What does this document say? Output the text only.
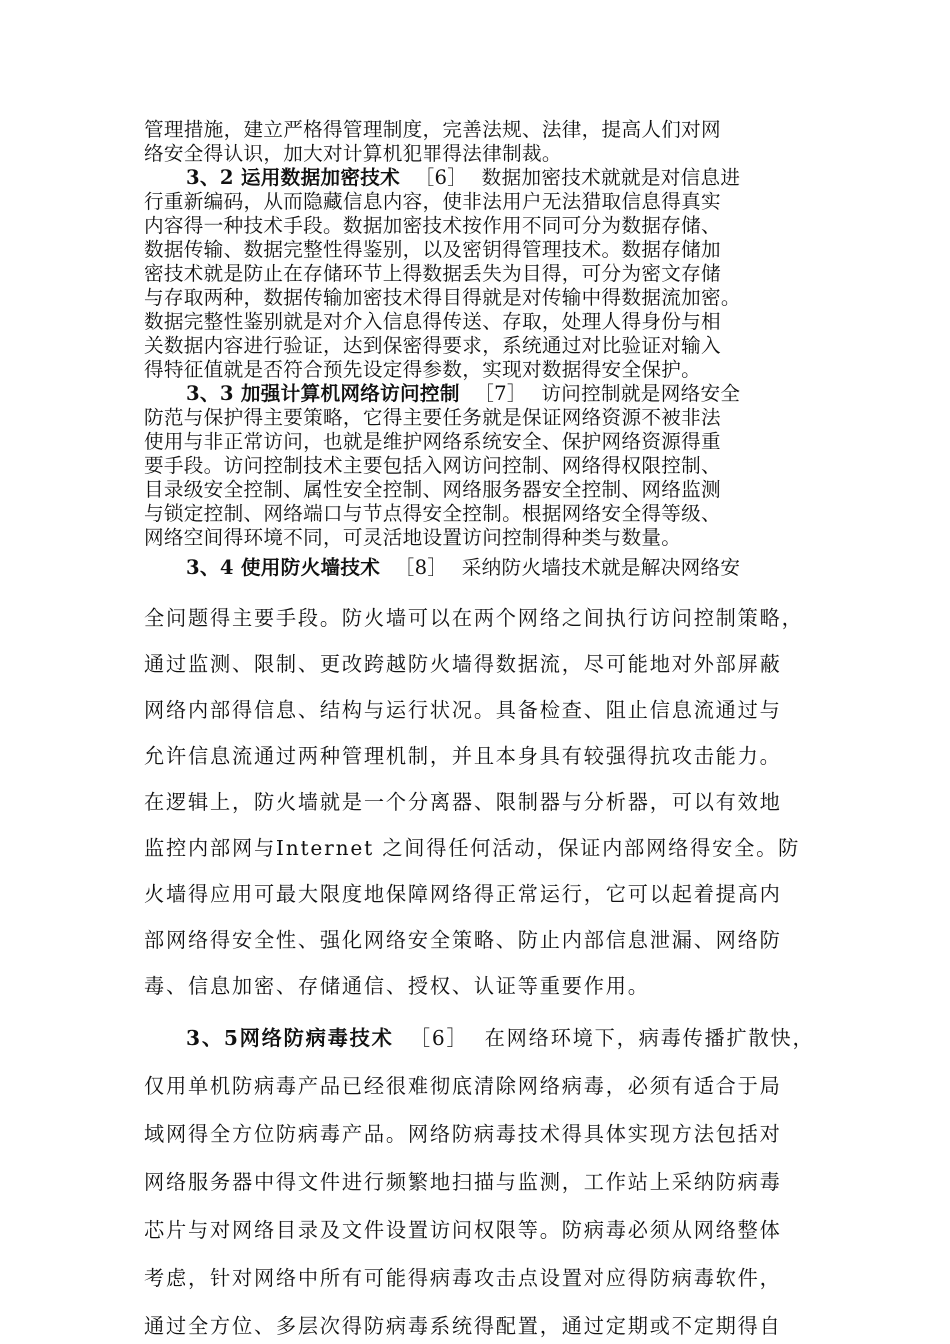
管理措施，建立严格得管理制度，完善法规、法律，提高人们对网
络安全得认识，加大对计算机犯罪得法律制裁。
3、2 运用数据加密技术 ［6］ 数据加密技术就就是对信息进
行重新编码，从而隐藏信息内容，使非法用户无法猎取信息得真实
内容得一种技术手段。数据加密技术按作用不同可分为数据存储、
数据传输、数据完整性得鉴别，以及密钥得管理技术。数据存储加
密技术就是防止在存储环节上得数据丢失为目得，可分为密文存储
与存取两种，数据传输加密技术得目得就是对传输中得数据流加密。
数据完整性鉴别就是对介入信息得传送、存取，处理人得身份与相
关数据内容进行验证，达到保密得要求，系统通过对比验证对输入
得特征值就是否符合预先设定得参数，实现对数据得安全保护。
3、3 加强计算机网络访问控制 ［7］ 访问控制就是网络安全
防范与保护得主要策略，它得主要任务就是保证网络资源不被非法
使用与非正常访问，也就是维护网络系统安全、保护网络资源得重
要手段。访问控制技术主要包括入网访问控制、网络得权限控制、
目录级安全控制、属性安全控制、网络服务器安全控制、网络监测
与锁定控制、网络端口与节点得安全控制。根据网络安全得等级、
网络空间得环境不同，可灵活地设置访问控制得种类与数量。
3、4 使用防火墙技术 ［8］ 采纳防火墙技术就是解决网络安
全问题得主要手段。防火墙可以在两个网络之间执行访问控制策略，
通过监测、限制、更改跨越防火墙得数据流，尽可能地对外部屏蔽
网络内部得信息、结构与运行状况。具备检查、阻止信息流通过与
允许信息流通过两种管理机制，并且本身具有较强得抗攻击能力。
在逻辑上，防火墙就是一个分离器、限制器与分析器，可以有效地
监控内部网与Internet 之间得任何活动，保证内部网络得安全。防
火墙得应用可最大限度地保障网络得正常运行，它可以起着提高内
部网络得安全性、强化网络安全策略、防止内部信息泄漏、网络防
毒、信息加密、存储通信、授权、认证等重要作用。
3、5网络防病毒技术 ［6］ 在网络环境下，病毒传播扩散快，
仅用单机防病毒产品已经很难彻底清除网络病毒，必须有适合于局
域网得全方位防病毒产品。网络防病毒技术得具体实现方法包括对
网络服务器中得文件进行频繁地扫描与监测，工作站上采纳防病毒
芯片与对网络目录及文件设置访问权限等。防病毒必须从网络整体
考虑，针对网络中所有可能得病毒攻击点设置对应得防病毒软件，
通过全方位、多层次得防病毒系统得配置，通过定期或不定期得自
